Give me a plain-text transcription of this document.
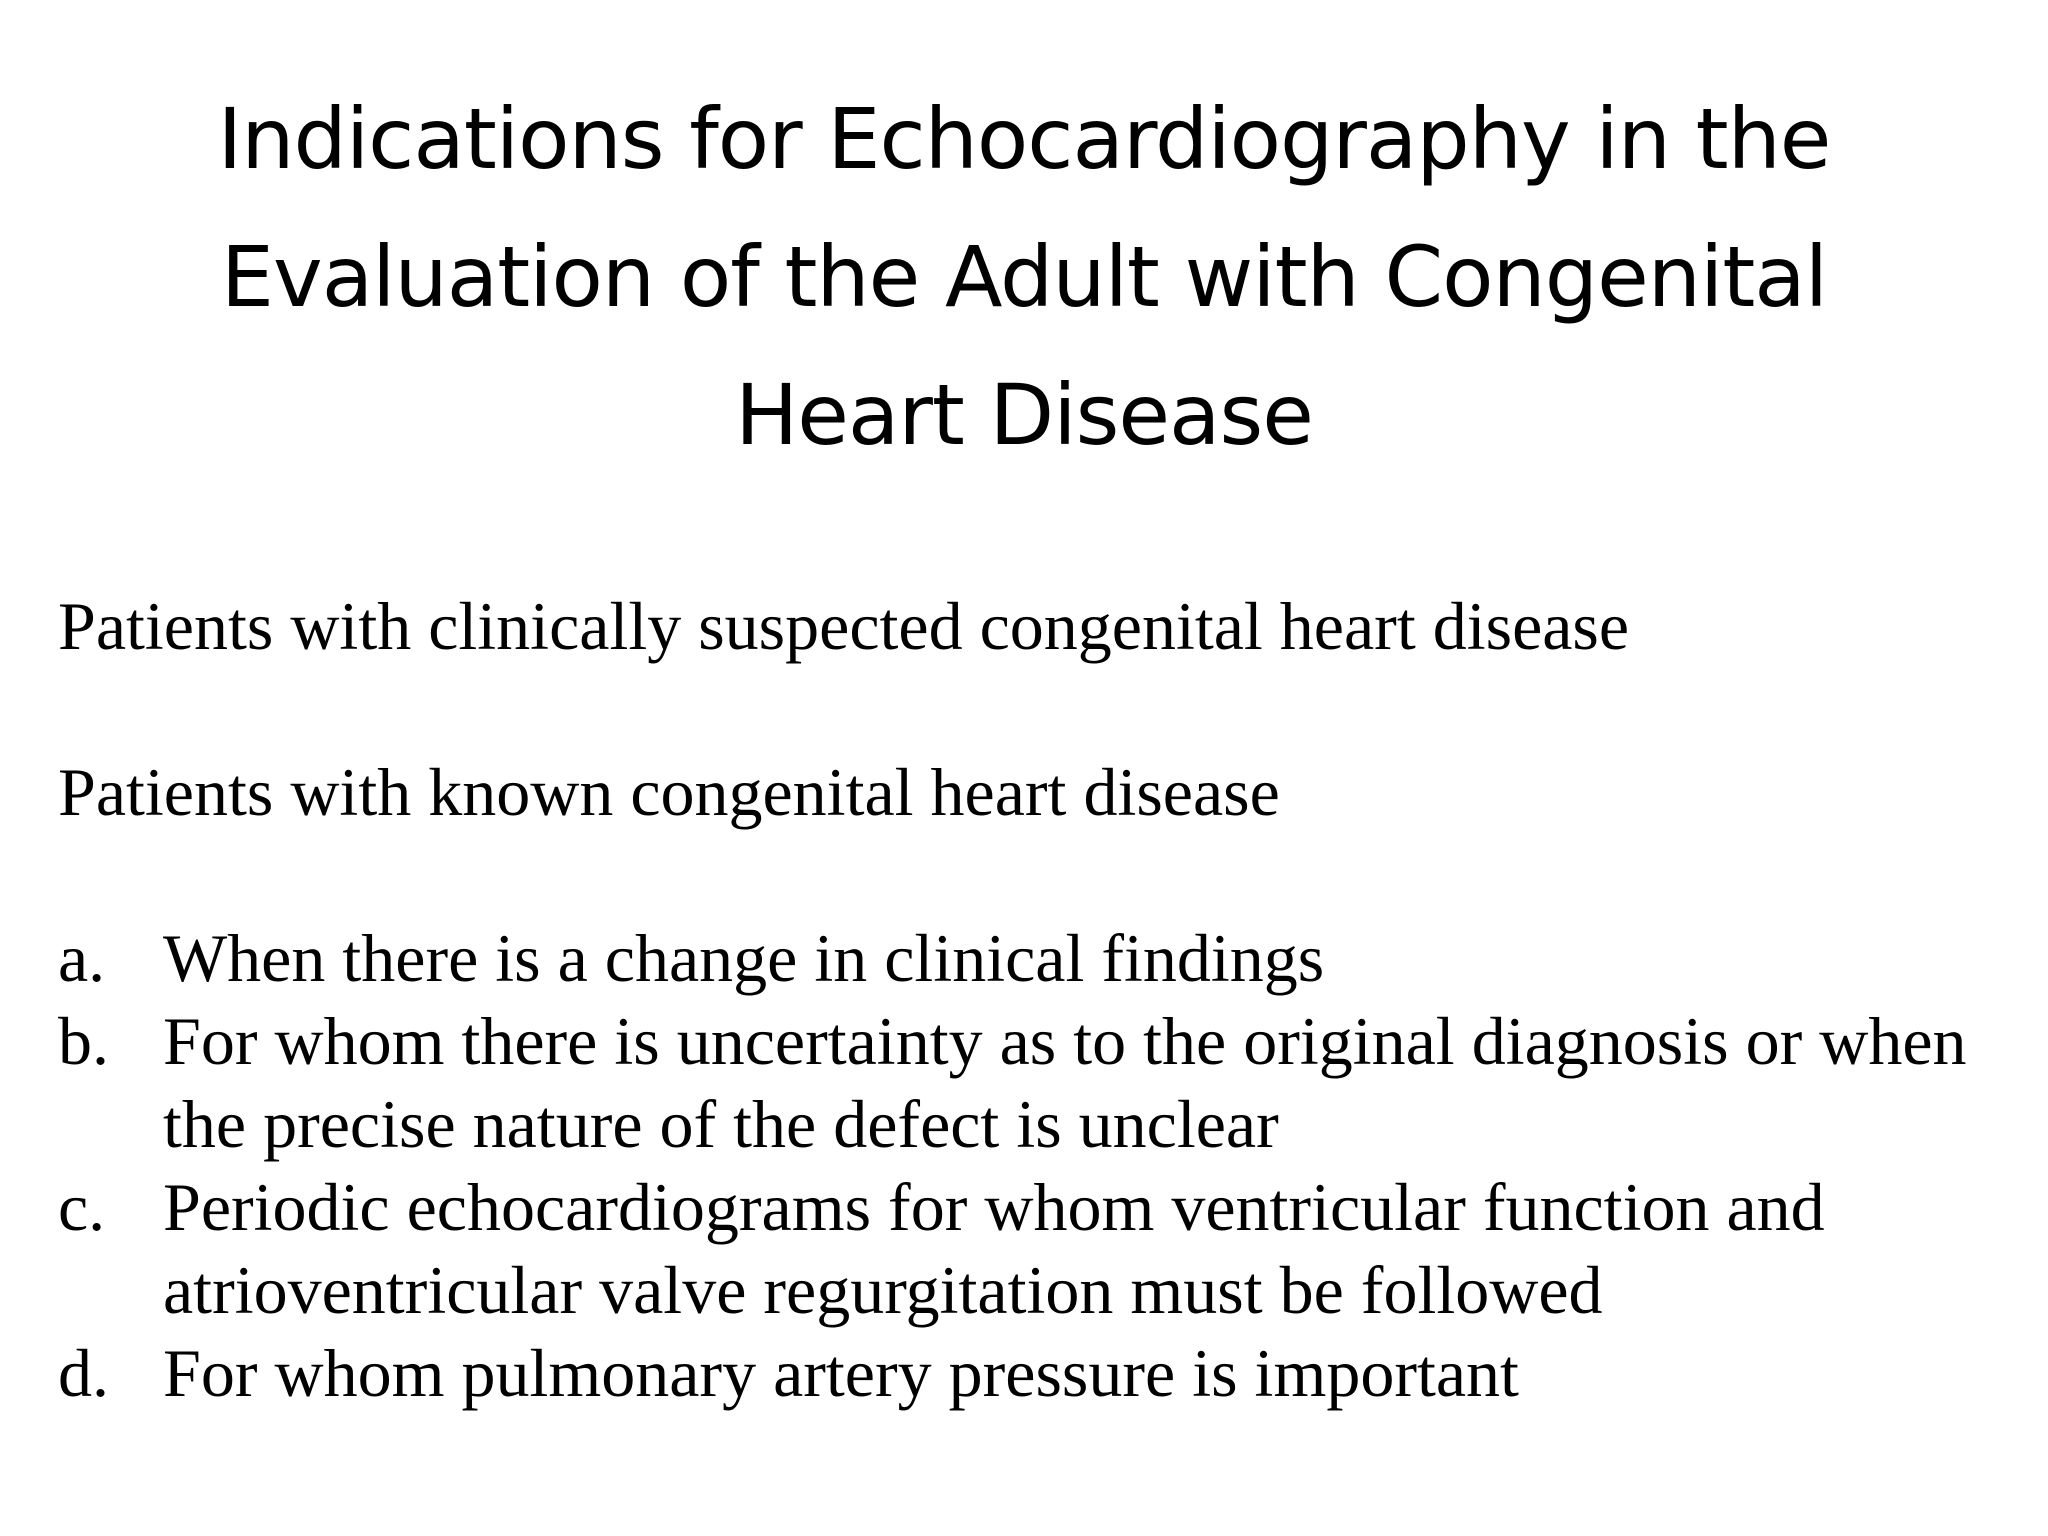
Indications for Echocardiography in the
Evaluation of the Adult with Congenital
Heart Disease

Patients with clinically suspected congenital heart disease

Patients with known congenital heart disease

a. When there is a change in clinical findings
b. For whom there is uncertainty as to the original diagnosis or when
the precise nature of the defect is unclear
c. Periodic echocardiograms for whom ventricular function and
atrioventricular valve regurgitation must be followed
d. For whom pulmonary artery pressure is important
